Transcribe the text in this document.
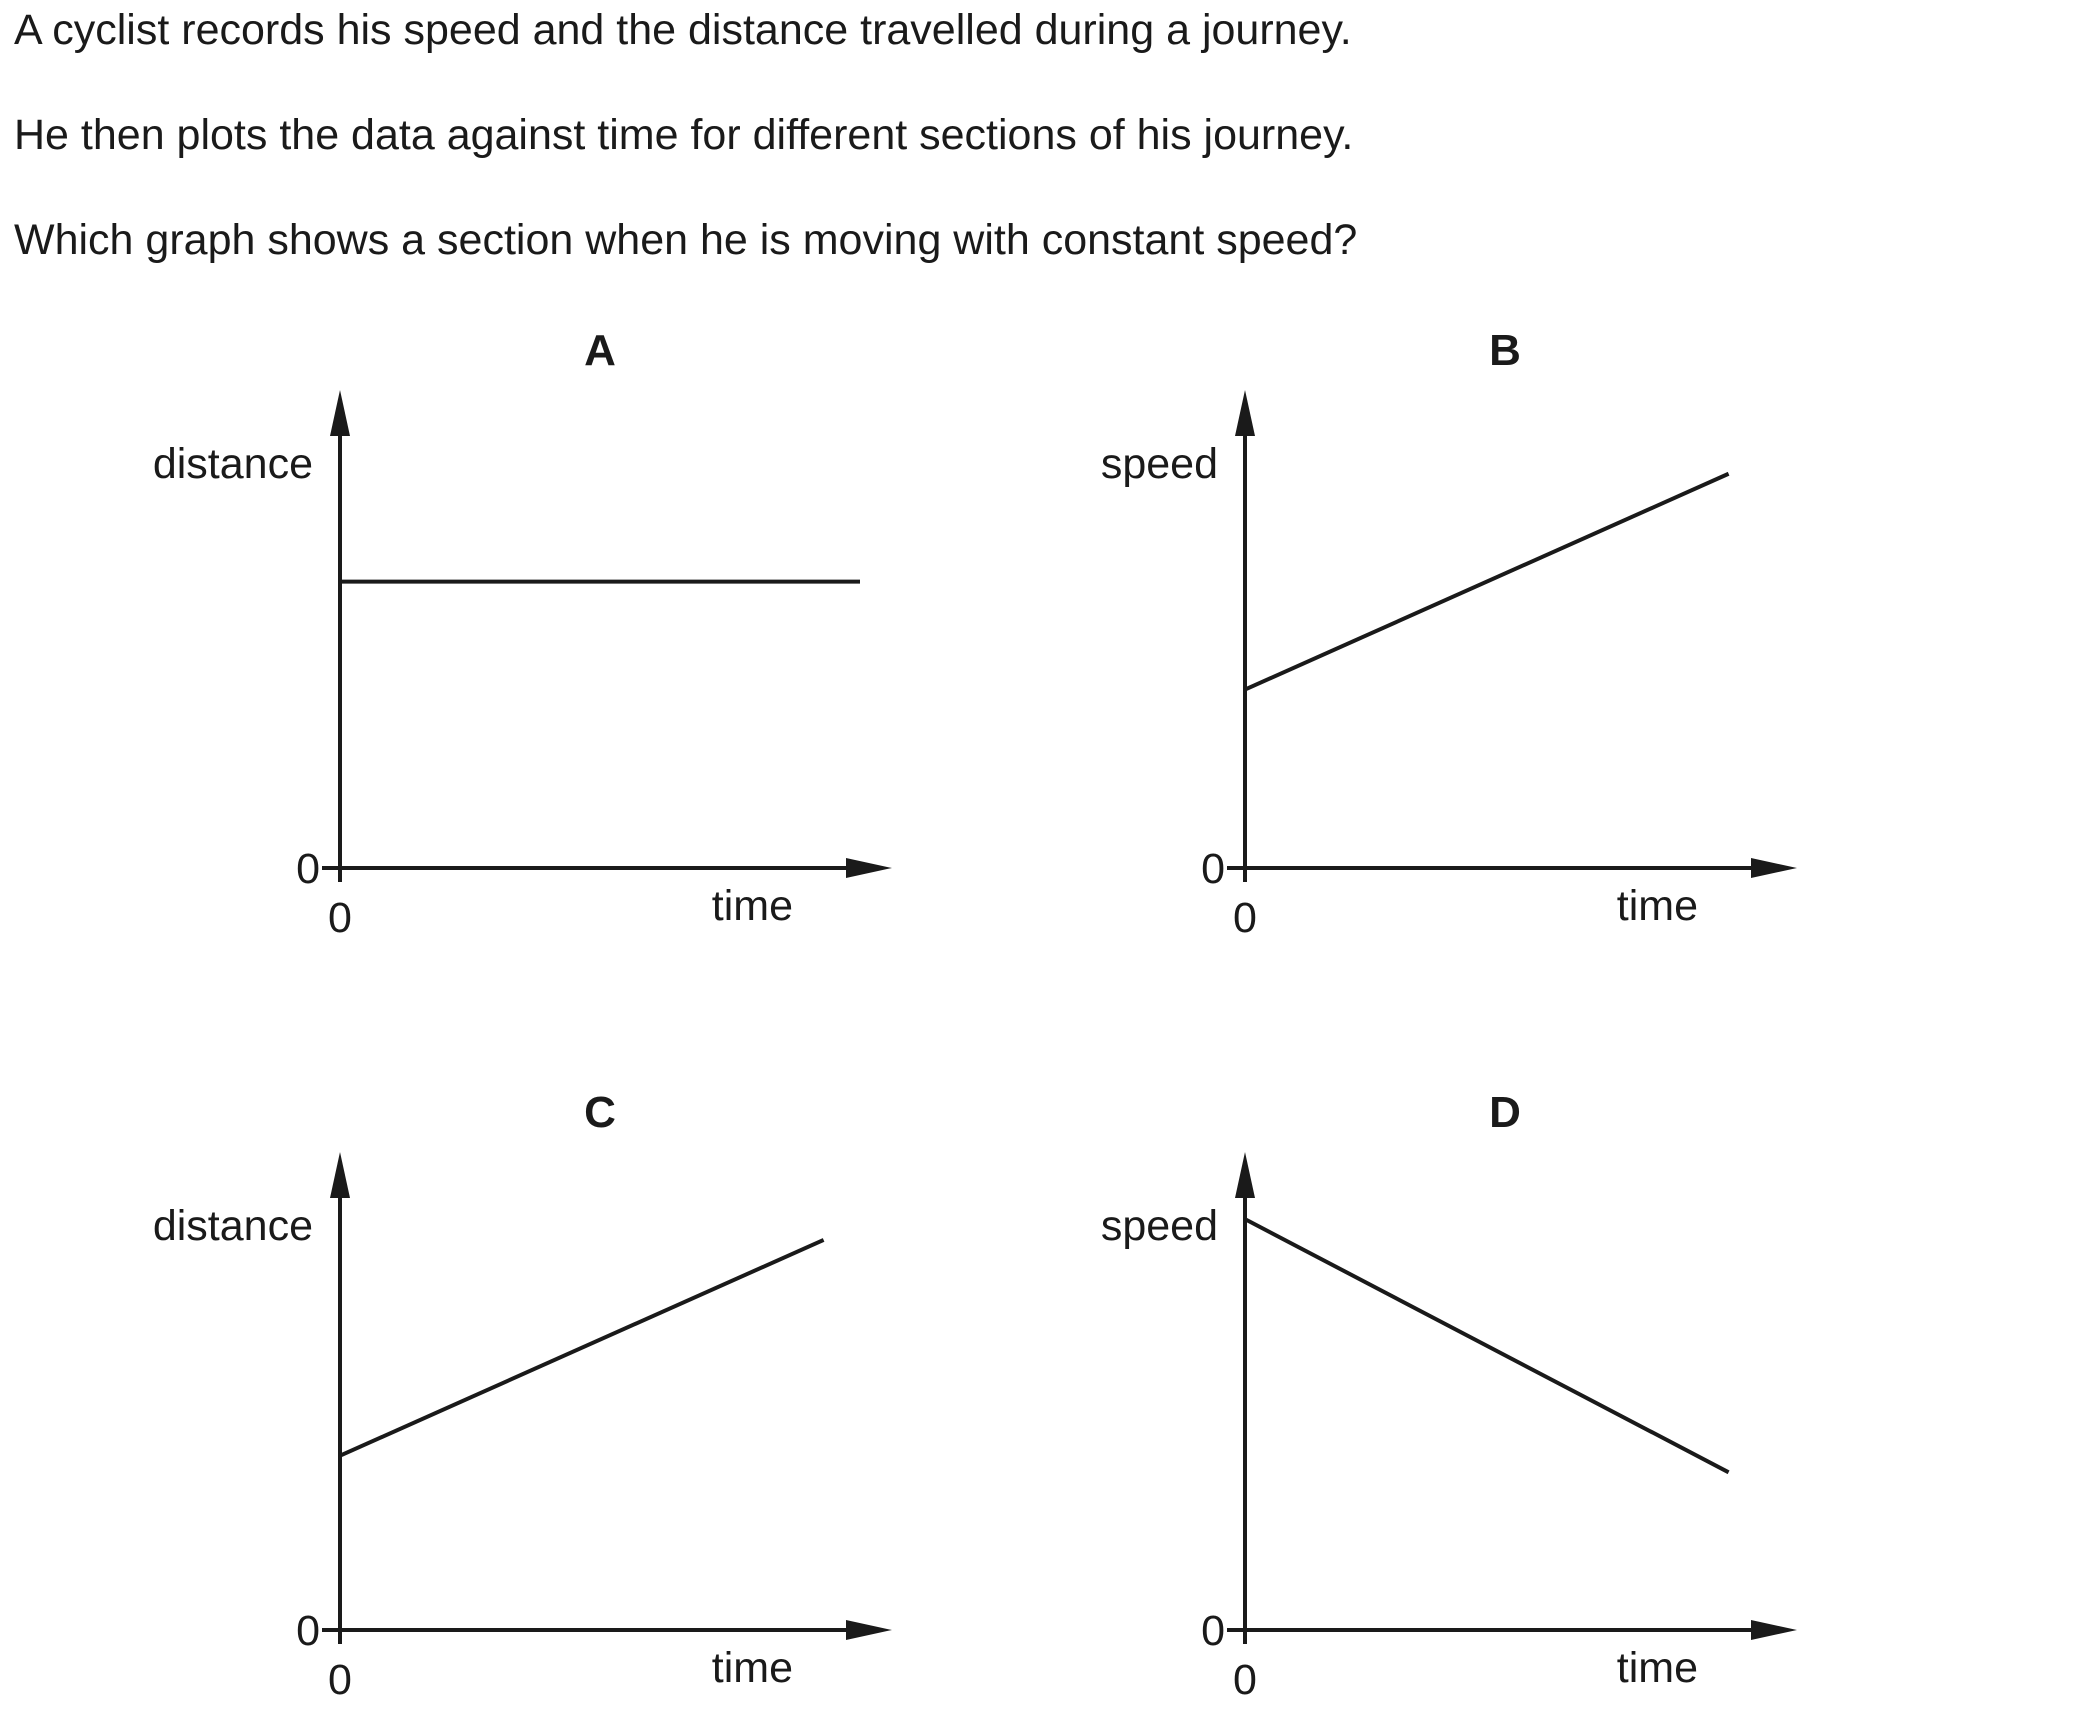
A cyclist records his speed and the distance travelled during a journey.

He then plots the data against time for different sections of his journey.

Which graph shows a section when he is moving with constant speed?

A
distance
time
0
0
B
speed
time
0
0
C
distance
time
0
0
D
speed
time
0
0
